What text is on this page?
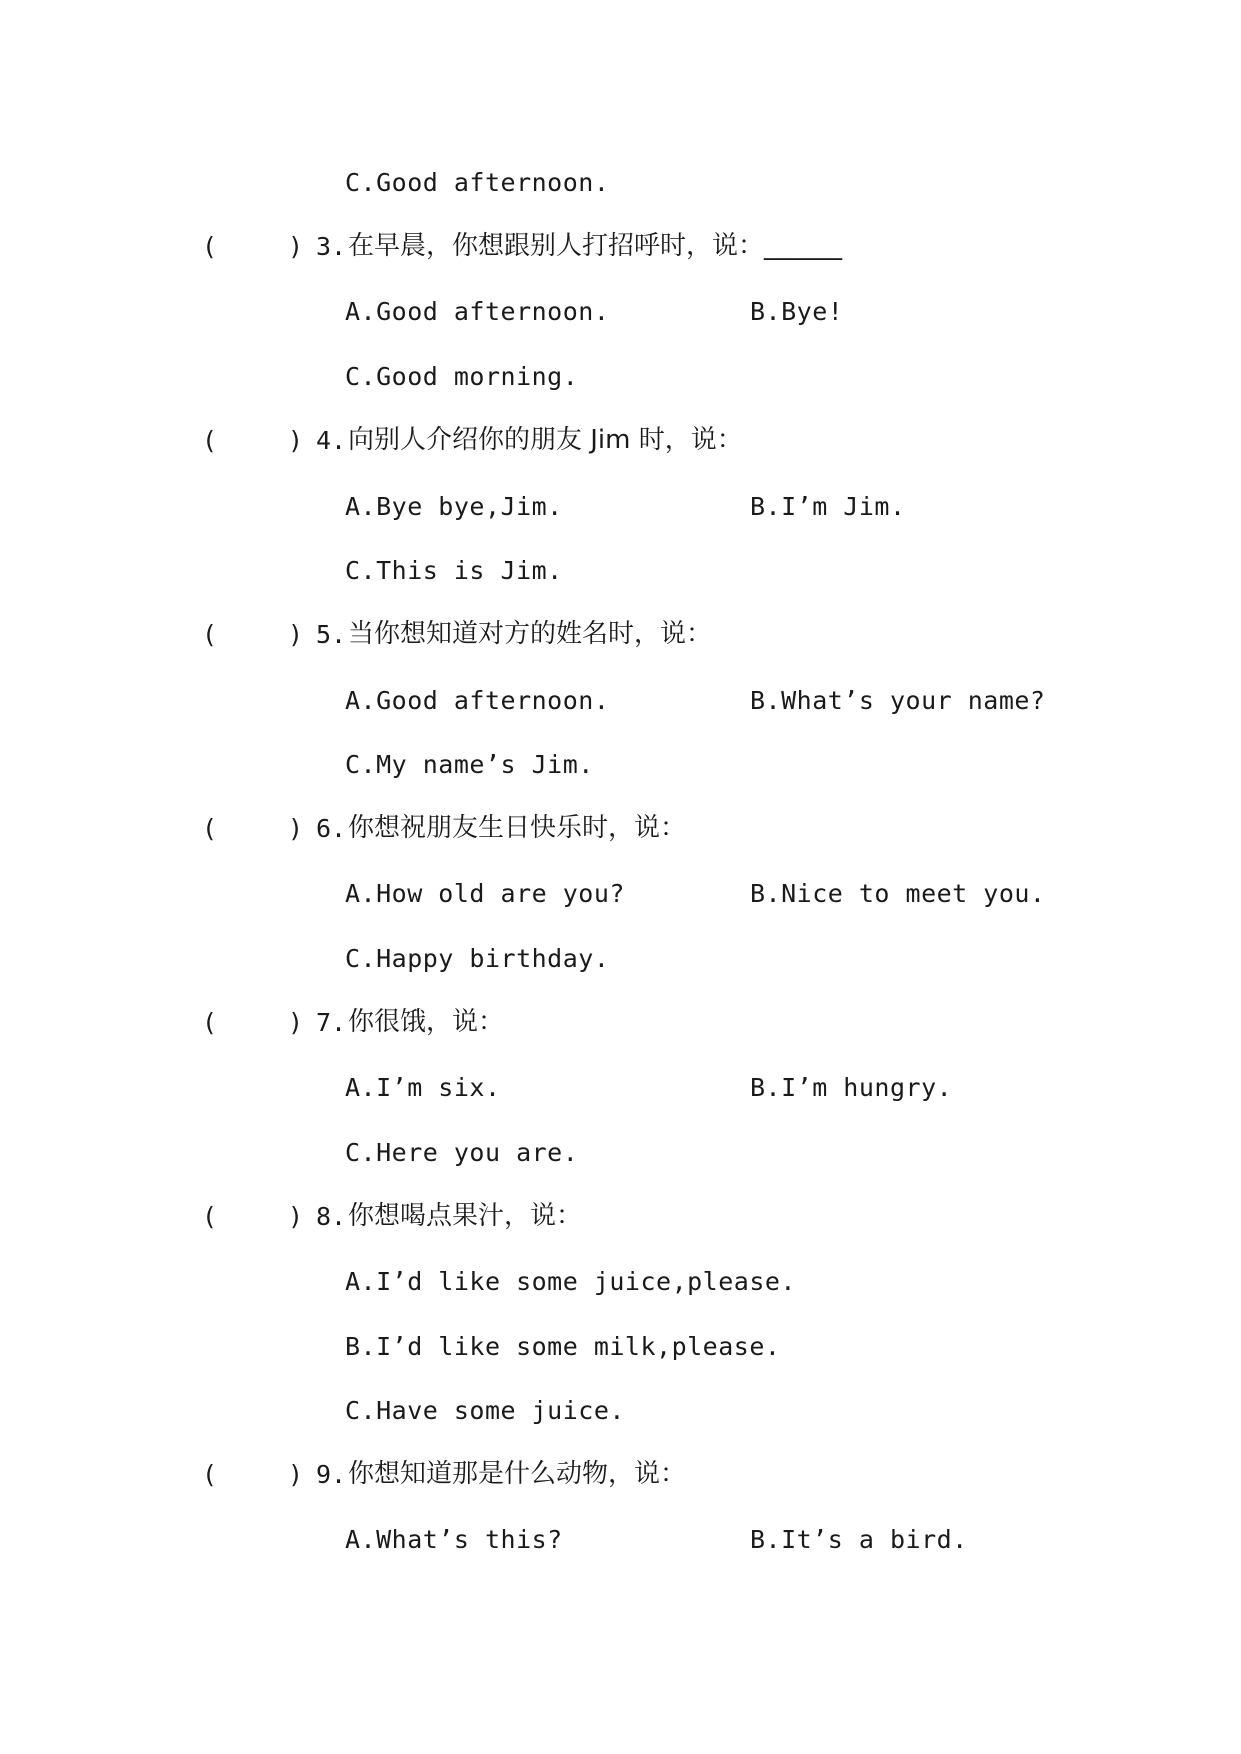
C.Good afternoon.
(	) 3. 在早晨，你想跟别人打招呼时，说：______
A.Good afternoon.	B.Bye!
C.Good morning.
(	) 4. 向别人介绍你的朋友 Jim 时，说：
A.Bye bye,Jim.	B.I’m Jim.
C.This is Jim.
(	) 5. 当你想知道对方的姓名时，说：
A.Good afternoon.	B.What’s your name?
C.My name’s Jim.
(	) 6. 你想祝朋友生日快乐时，说：
A.How old are you?	B.Nice to meet you.
C.Happy birthday.
(	) 7. 你很饿，说：
A.I’m six.	B.I’m hungry.
C.Here you are.
(	) 8. 你想喝点果汁，说：
A.I’d like some juice,please.
B.I’d like some milk,please.
C.Have some juice.
(	) 9. 你想知道那是什么动物，说：
A.What’s this?	B.It’s a bird.
